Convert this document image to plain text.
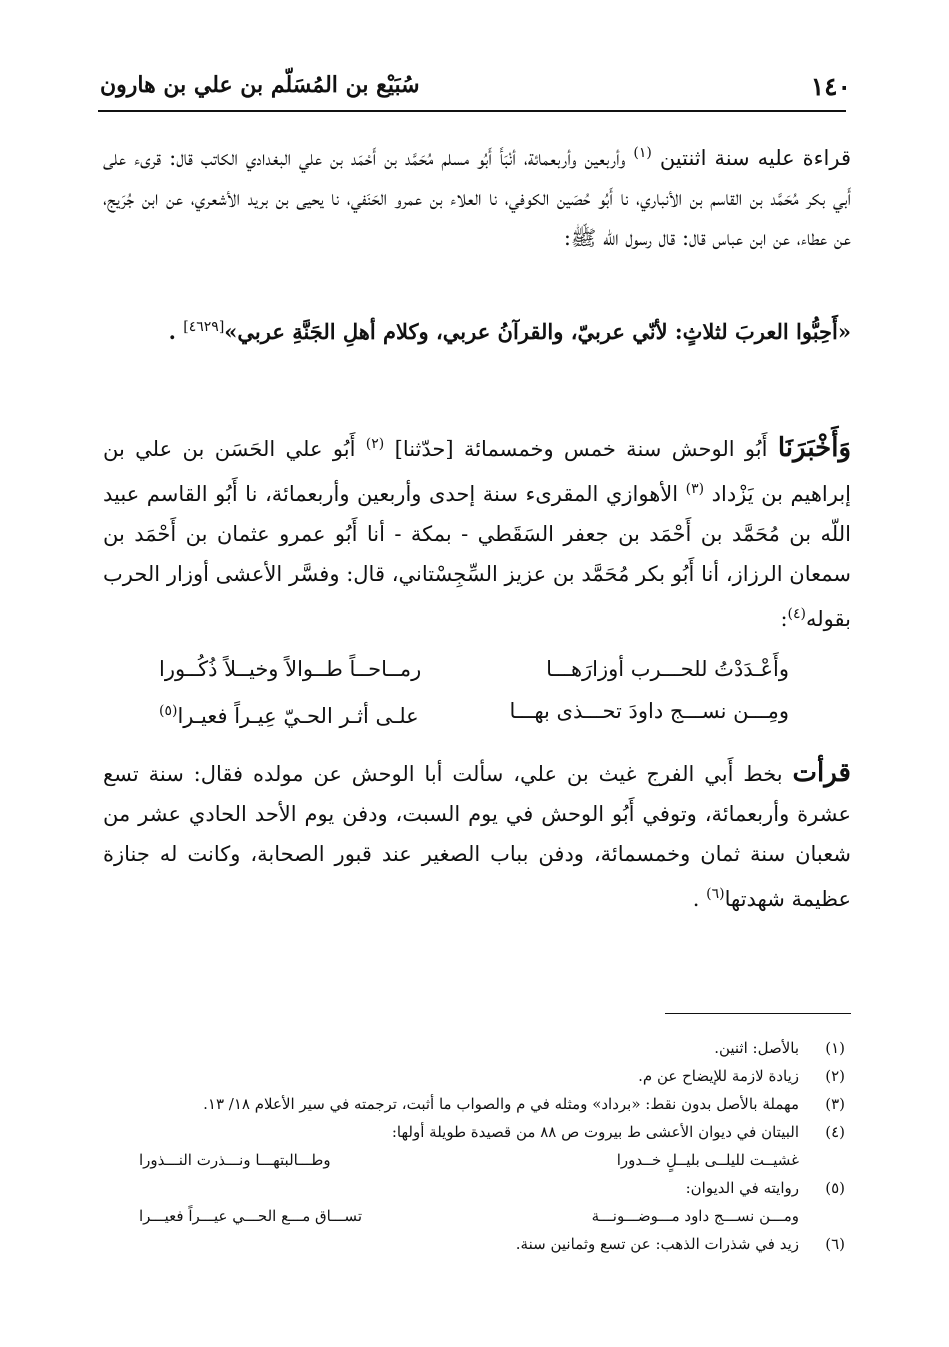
١٤٠
سُبَيْع بن المُسَلّم بن علي بن هارون
قراءة عليه سنة اثنتين $^{(١)}$ وأربعين وأربعمائة، أنْبَأَ أَبُو مسلم مُحَمَّد بن أَحْمَد بن علي البغدادي الكاتب قال: قرىء على أَبي بكر مُحَمَّد بن القاسم بن الأنباري، نا أَبُو حُصَين الكوفي، نا العلاء بن عمرو الحَنَفي، نا يحيى بن بريد الأشعري، عن ابن جُرَيج، عن عطاء، عن ابن عباس قال: قال رسول الله ﷺ:
«أَحِبُّوا العربَ لثلاثٍ: لأنّي عربيّ، والقرآنُ عربي، وكلام أهلِ الجَنَّةِ عربي»[٤٦٢٩] .
وَأَخْبَرَنَا أَبُو الوحش سنة خمس وخمسمائة [حدّثنا] $^{(٢)}$ أَبُو علي الحَسَن بن علي بن إبراهيم بن يَزْداد $^{(٣)}$ الأهوازي المقرىء سنة إحدى وأربعين وأربعمائة، نا أَبُو القاسم عبيد اللّه بن مُحَمَّد بن أَحْمَد بن جعفر السَقَطي - بمكة - أنا أَبُو عمرو عثمان بن أَحْمَد بن سمعان الرزاز، أنا أَبُو بكر مُحَمَّد بن عزيز السِّجِسْتاني، قال: وفسَّر الأعشى أوزار الحرب بقوله$^{(٤)}$:
وأَعْـدَدْتُ للحـــرب أوزارَهـــا
رمــاحــاً طــوالاً وخيــلاً ذُكُــورا
ومِـــن نســـج داودَ تحـــذى بهـــا
علـى أثـر الحـيّ عِيـراً فعيـرا$^{(٥)}$
قرأت بخط أَبي الفرج غيث بن علي، سألت أبا الوحش عن مولده فقال: سنة تسع عشرة وأربعمائة، وتوفي أَبُو الوحش في يوم السبت، ودفن يوم الأحد الحادي عشر من شعبان سنة ثمان وخمسمائة، ودفن بباب الصغير عند قبور الصحابة، وكانت له جنازة عظيمة شهدتها$^{(٦)}$ .
(١)
بالأصل: اثنين.
(٢)
زيادة لازمة للإيضاح عن م.
(٣)
مهملة بالأصل بدون نقط: «برداد» ومثله في م والصواب ما أثبت، ترجمته في سير الأعلام ١٨/ ١٣.
(٤)
البيتان في ديوان الأعشى ط بيروت ص ٨٨ من قصيدة طويلة أولها:
غشيــت لليلــى بليــلٍ خــدورا
وطـــالبتهـــا ونـــذرت النـــذورا
(٥)
روايته في الديوان:
ومـــن نســـج داود مـــوضـــونـــة
تســـاق مـــع الحـــي عيـــراً فعيـــرا
(٦)
زيد في شذرات الذهب: عن تسع وثمانين سنة.
